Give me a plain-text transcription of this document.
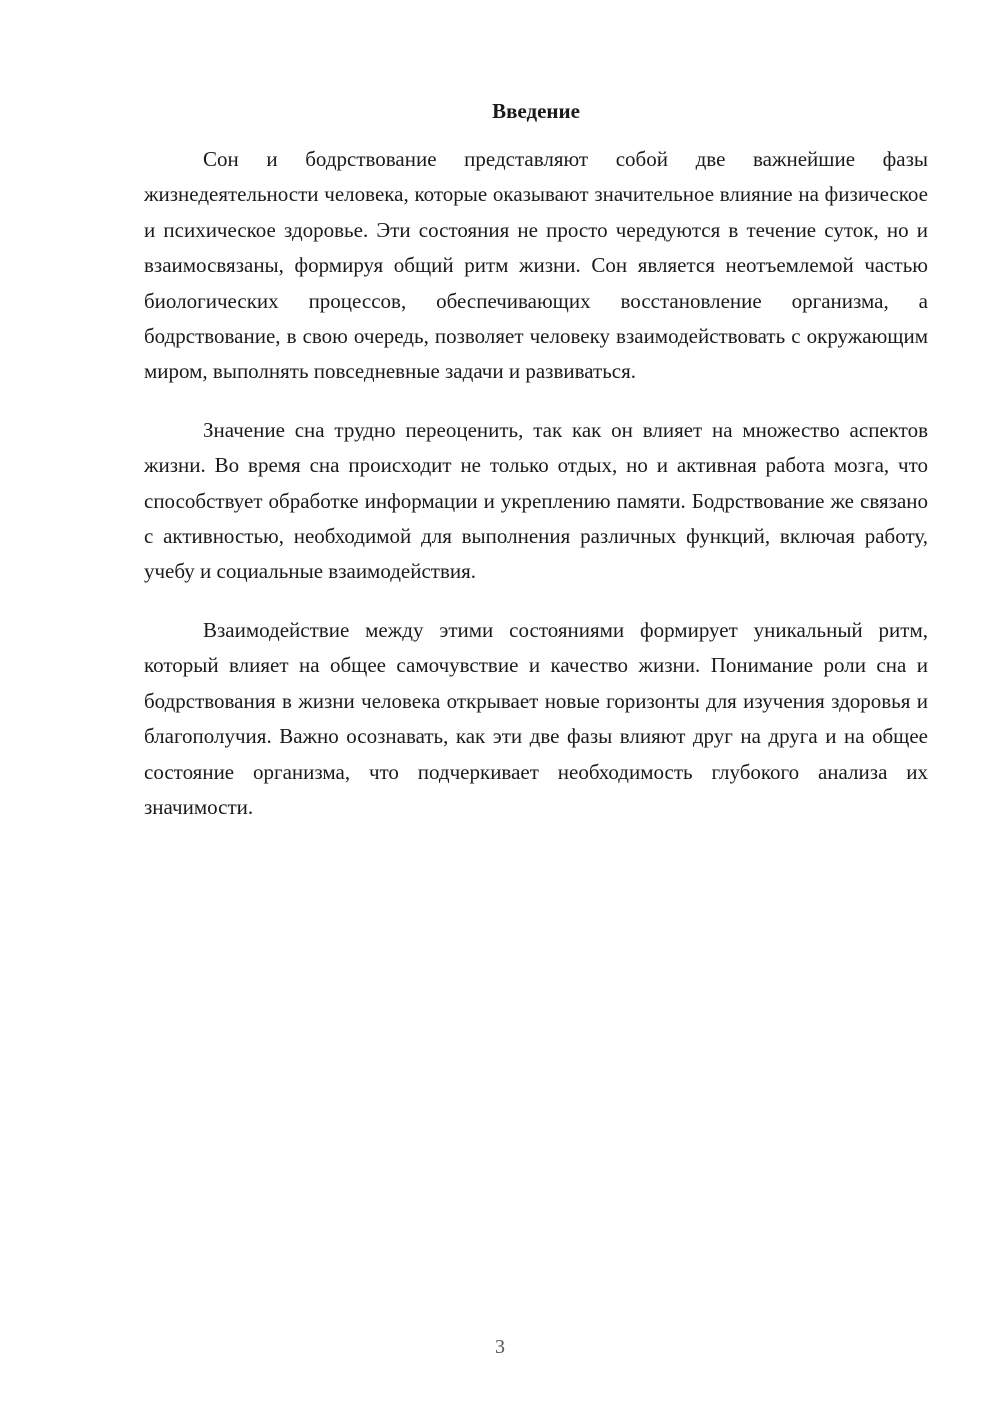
Введение

Сон и бодрствование представляют собой две важнейшие фазы жизнедеятельности человека, которые оказывают значительное влияние на физическое и психическое здоровье. Эти состояния не просто чередуются в течение суток, но и взаимосвязаны, формируя общий ритм жизни. Сон является неотъемлемой частью биологических процессов, обеспечивающих восстановление организма, а бодрствование, в свою очередь, позволяет человеку взаимодействовать с окружающим миром, выполнять повседневные задачи и развиваться.

Значение сна трудно переоценить, так как он влияет на множество аспектов жизни. Во время сна происходит не только отдых, но и активная работа мозга, что способствует обработке информации и укреплению памяти. Бодрствование же связано с активностью, необходимой для выполнения различных функций, включая работу, учебу и социальные взаимодействия.

Взаимодействие между этими состояниями формирует уникальный ритм, который влияет на общее самочувствие и качество жизни. Понимание роли сна и бодрствования в жизни человека открывает новые горизонты для изучения здоровья и благополучия. Важно осознавать, как эти две фазы влияют друг на друга и на общее состояние организма, что подчеркивает необходимость глубокого анализа их значимости.

3
